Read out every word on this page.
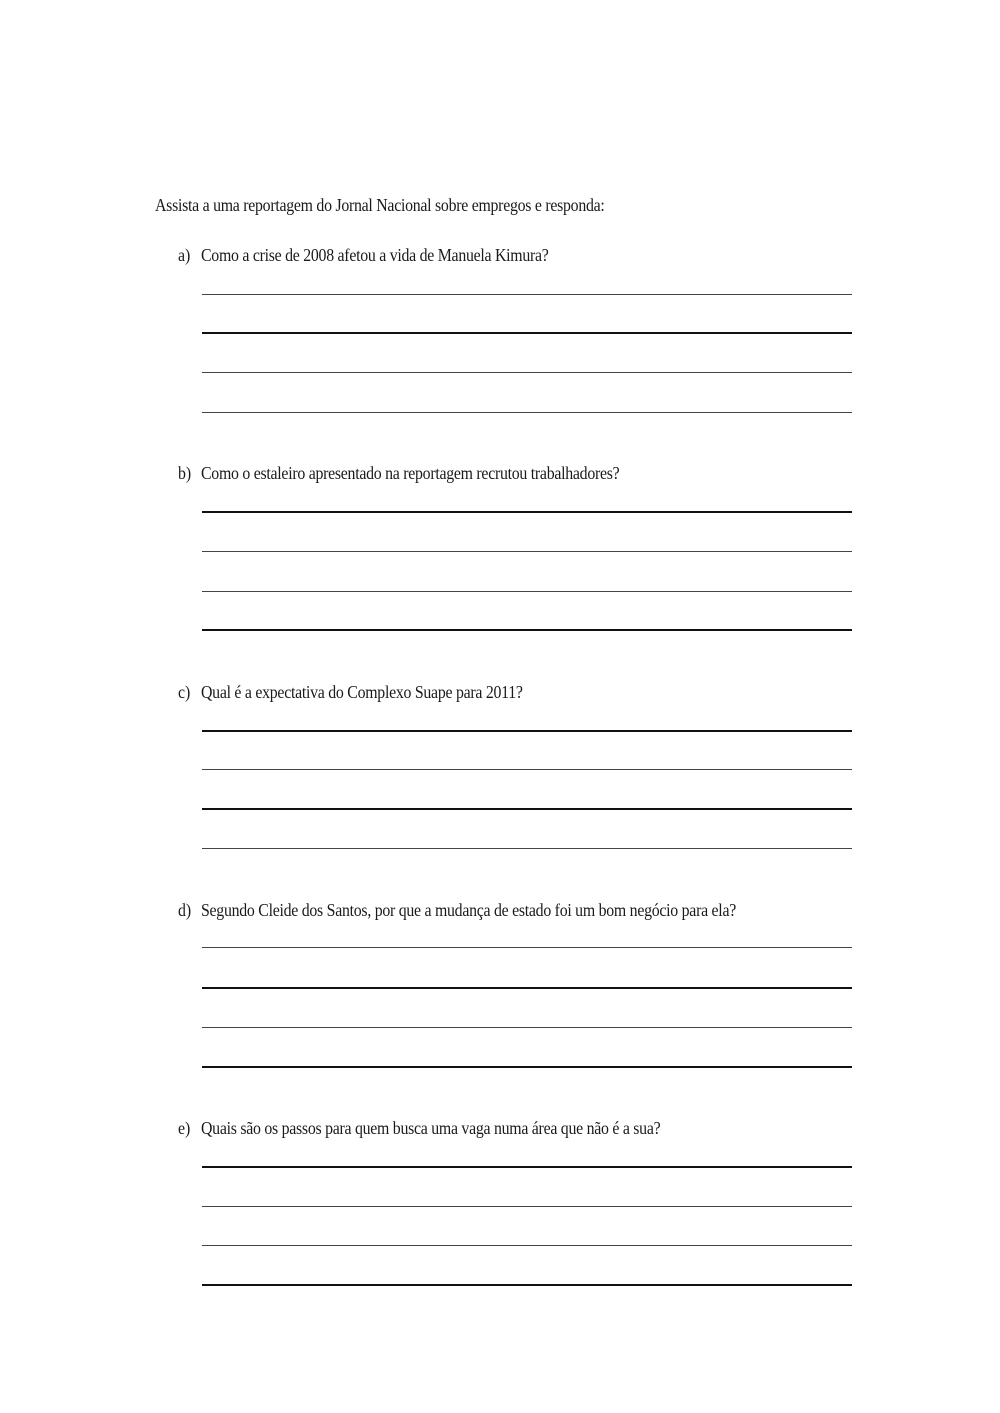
Assista a uma reportagem do Jornal Nacional sobre empregos e responda:
a) Como a crise de 2008 afetou a vida de Manuela Kimura?
b) Como o estaleiro apresentado na reportagem recrutou trabalhadores?
c) Qual é a expectativa do Complexo Suape para 2011?
d) Segundo Cleide dos Santos, por que a mudança de estado foi um bom negócio para ela?
e) Quais são os passos para quem busca uma vaga numa área que não é a sua?
